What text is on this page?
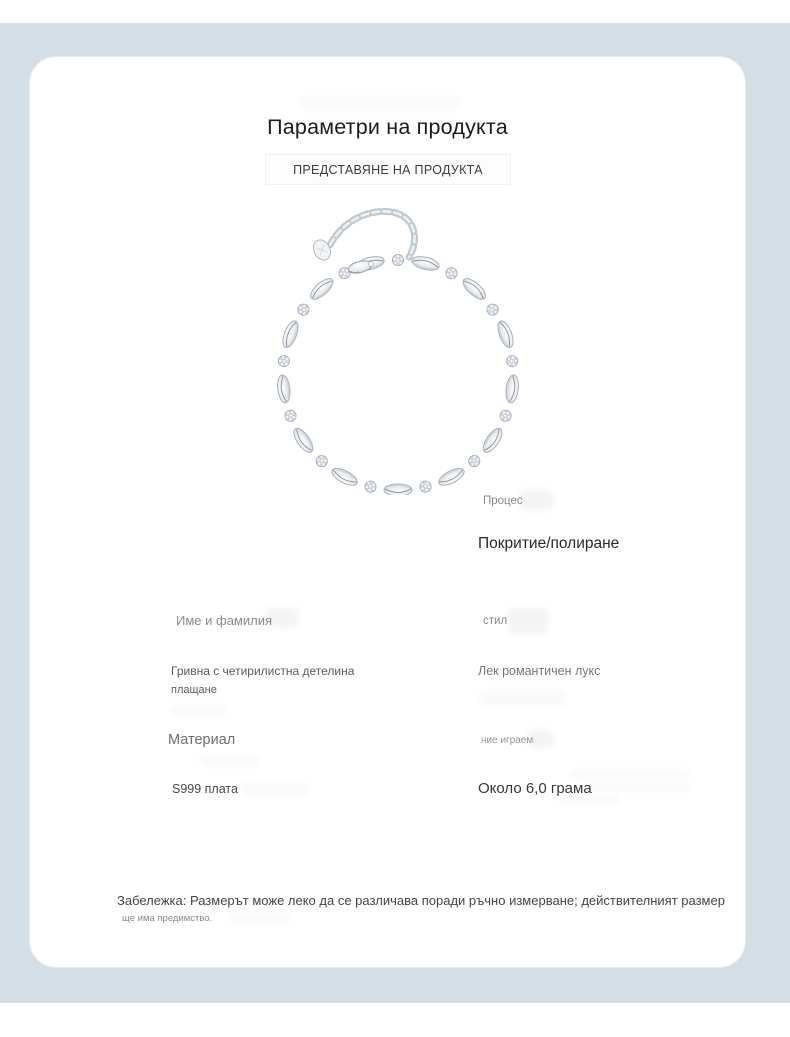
Параметри на продукта
ПРЕДСТАВЯНЕ НА ПРОДУКТА
Процес
Покритие/полиране
Име и фамилия
Гривна с четирилистна детелина
плащане
стил
Лек романтичен лукс
Материал
S999 плата
ние играем
Около 6,0 грама
Забележка: Размерът може леко да се различава поради ръчно измерване; действителният размер
ще има предимство.
